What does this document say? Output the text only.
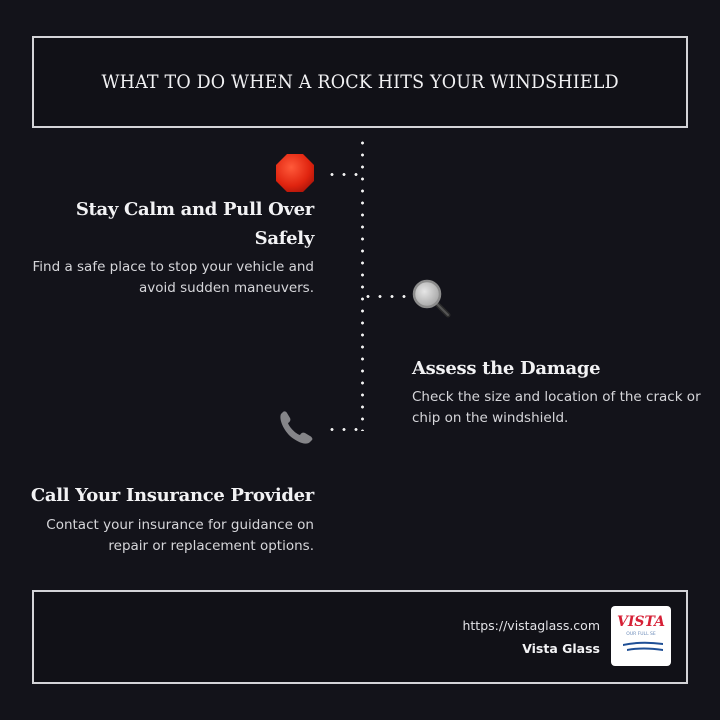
WHAT TO DO WHEN A ROCK HITS YOUR WINDSHIELD
Stay Calm and Pull Over Safely
Find a safe place to stop your vehicle and avoid sudden maneuvers.
Assess the Damage
Check the size and location of the crack or chip on the windshield.
Call Your Insurance Provider
Contact your insurance for guidance on repair or replacement options.
https://vistaglass.com
Vista Glass
VISTA
OUR FULL SE
